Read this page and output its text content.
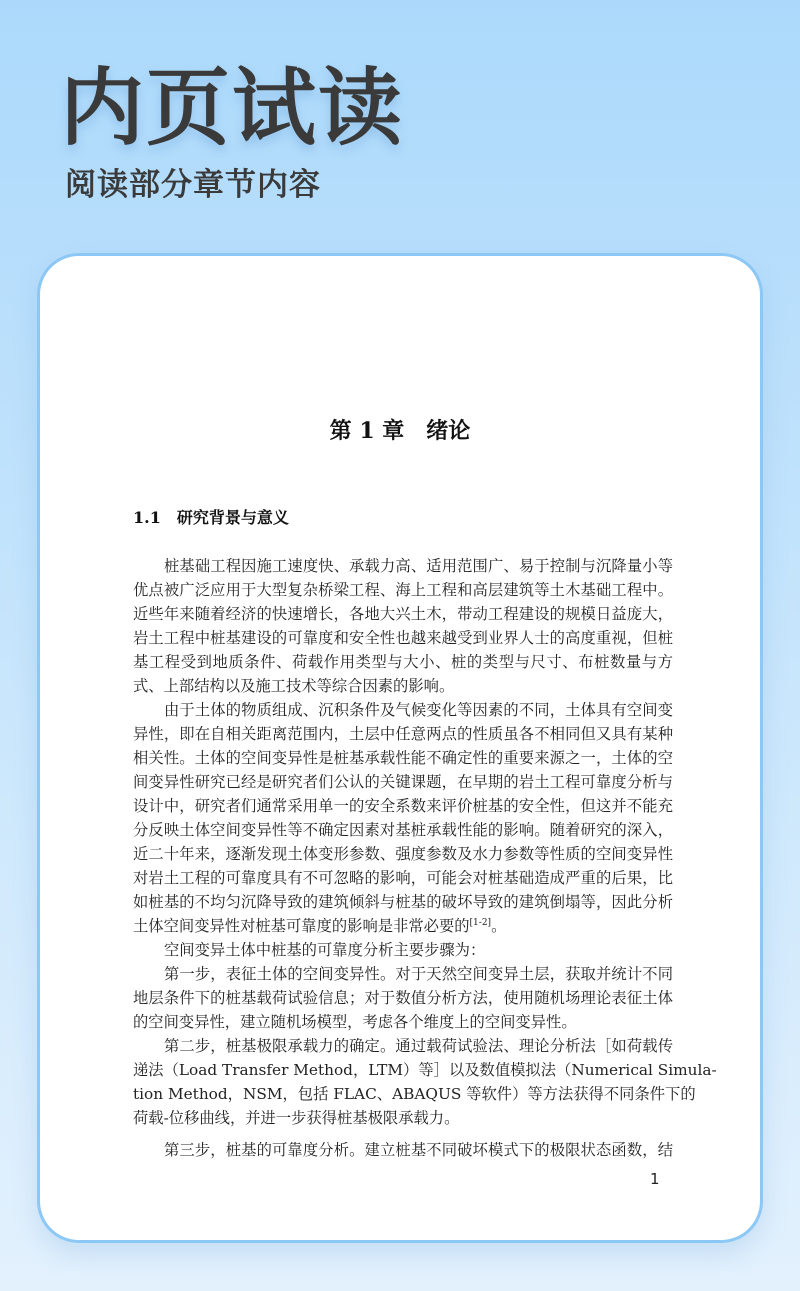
内页试读
阅读部分章节内容
第 1 章　绪论
1.1　研究背景与意义
桩基础工程因施工速度快、承载力高、适用范围广、易于控制与沉降量小等
优点被广泛应用于大型复杂桥梁工程、海上工程和高层建筑等土木基础工程中。
近些年来随着经济的快速增长，各地大兴土木，带动工程建设的规模日益庞大，
岩土工程中桩基建设的可靠度和安全性也越来越受到业界人士的高度重视，但桩
基工程受到地质条件、荷载作用类型与大小、桩的类型与尺寸、布桩数量与方
式、上部结构以及施工技术等综合因素的影响。
由于土体的物质组成、沉积条件及气候变化等因素的不同，土体具有空间变
异性，即在自相关距离范围内，土层中任意两点的性质虽各不相同但又具有某种
相关性。土体的空间变异性是桩基承载性能不确定性的重要来源之一，土体的空
间变异性研究已经是研究者们公认的关键课题，在早期的岩土工程可靠度分析与
设计中，研究者们通常采用单一的安全系数来评价桩基的安全性，但这并不能充
分反映土体空间变异性等不确定因素对基桩承载性能的影响。随着研究的深入，
近二十年来，逐渐发现土体变形参数、强度参数及水力参数等性质的空间变异性
对岩土工程的可靠度具有不可忽略的影响，可能会对桩基础造成严重的后果，比
如桩基的不均匀沉降导致的建筑倾斜与桩基的破坏导致的建筑倒塌等，因此分析
土体空间变异性对桩基可靠度的影响是非常必要的[1-2]。
空间变异土体中桩基的可靠度分析主要步骤为：
第一步，表征土体的空间变异性。对于天然空间变异土层，获取并统计不同
地层条件下的桩基载荷试验信息；对于数值分析方法，使用随机场理论表征土体
的空间变异性，建立随机场模型，考虑各个维度上的空间变异性。
第二步，桩基极限承载力的确定。通过载荷试验法、理论分析法［如荷载传
递法（Load Transfer Method，LTM）等］以及数值模拟法（Numerical Simula-
tion Method，NSM，包括 FLAC、ABAQUS 等软件）等方法获得不同条件下的
荷载-位移曲线，并进一步获得桩基极限承载力。
第三步，桩基的可靠度分析。建立桩基不同破坏模式下的极限状态函数，结
1
